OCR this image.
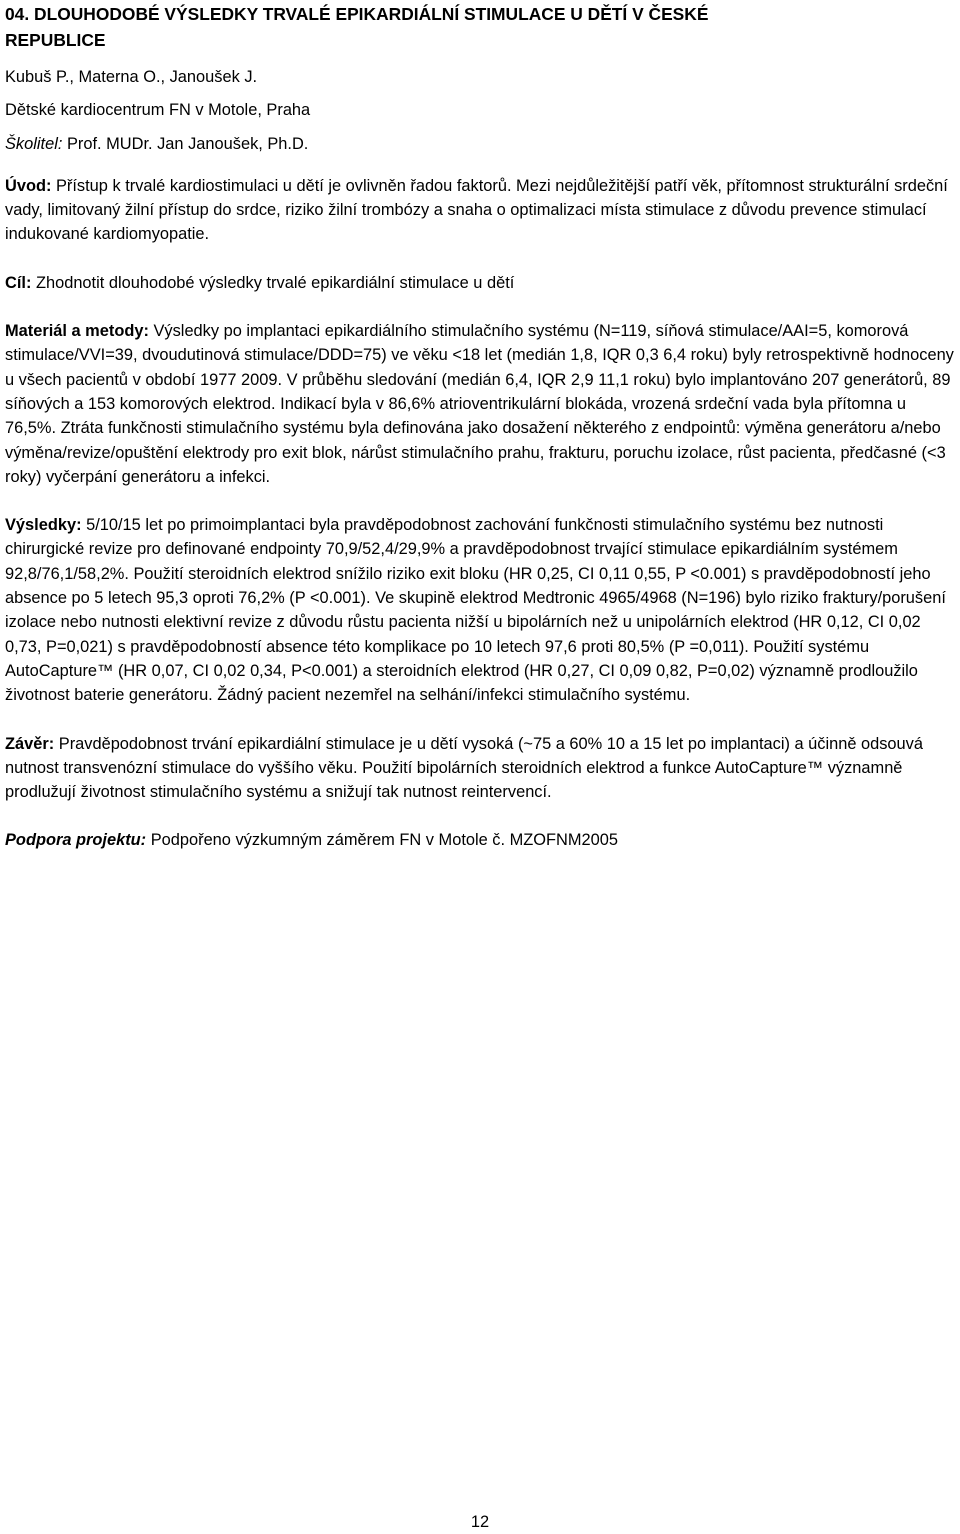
04. DLOUHODOBÉ VÝSLEDKY TRVALÉ EPIKARDIÁLNÍ STIMULACE U DĚTÍ V ČESKÉ
REPUBLICE
Kubuš P., Materna O., Janoušek J.
Dětské kardiocentrum FN v Motole, Praha
Školitel: Prof. MUDr. Jan Janoušek, Ph.D.

Úvod: Přístup k trvalé kardiostimulaci u dětí je ovlivněn řadou faktorů. Mezi nejdůležitější patří věk, přítomnost strukturální srdeční vady, limitovaný žilní přístup do srdce, riziko žilní trombózy a snaha o optimalizaci místa stimulace z důvodu prevence stimulací indukované kardiomyopatie.

Cíl: Zhodnotit dlouhodobé výsledky trvalé epikardiální stimulace u dětí

Materiál a metody: Výsledky po implantaci epikardiálního stimulačního systému (N=119, síňová stimulace/AAI=5, komorová stimulace/VVI=39, dvoudutinová stimulace/DDD=75) ve věku <18 let (medián 1,8, IQR 0,3 6,4 roku) byly retrospektivně hodnoceny u všech pacientů v období 1977 2009. V průběhu sledování (medián 6,4, IQR 2,9 11,1 roku) bylo implantováno 207 generátorů, 89 síňových a 153 komorových elektrod. Indikací byla v 86,6% atrioventrikulární blokáda, vrozená srdeční vada byla přítomna u 76,5%. Ztráta funkčnosti stimulačního systému byla definována jako dosažení některého z endpointů: výměna generátoru a/nebo výměna/revize/opuštění elektrody pro exit blok, nárůst stimulačního prahu, frakturu, poruchu izolace, růst pacienta, předčasné (<3 roky) vyčerpání generátoru a infekci.

Výsledky: 5/10/15 let po primoimplantaci byla pravděpodobnost zachování funkčnosti stimulačního systému bez nutnosti chirurgické revize pro definované endpointy 70,9/52,4/29,9% a pravděpodobnost trvající stimulace epikardiálním systémem 92,8/76,1/58,2%. Použití steroidních elektrod snížilo riziko exit bloku (HR 0,25, CI 0,11 0,55, P <0.001) s pravděpodobností jeho absence po 5 letech 95,3 oproti 76,2% (P <0.001). Ve skupině elektrod Medtronic 4965/4968 (N=196) bylo riziko fraktury/porušení izolace nebo nutnosti elektivní revize z důvodu růstu pacienta nižší u bipolárních než u unipolárních elektrod (HR 0,12, CI 0,02 0,73, P=0,021) s pravděpodobností absence této komplikace po 10 letech 97,6 proti 80,5% (P =0,011). Použití systému AutoCapture™ (HR 0,07, CI 0,02 0,34, P<0.001) a steroidních elektrod (HR 0,27, CI 0,09 0,82, P=0,02) významně prodloužilo životnost baterie generátoru. Žádný pacient nezemřel na selhání/infekci stimulačního systému.

Závěr: Pravděpodobnost trvání epikardiální stimulace je u dětí vysoká (~75 a 60% 10 a 15 let po implantaci) a účinně odsouvá nutnost transvenózní stimulace do vyššího věku. Použití bipolárních steroidních elektrod a funkce AutoCapture™ významně prodlužují životnost stimulačního systému a snižují tak nutnost reintervencí.

Podpora projektu: Podpořeno výzkumným záměrem FN v Motole č. MZOFNM2005

12
